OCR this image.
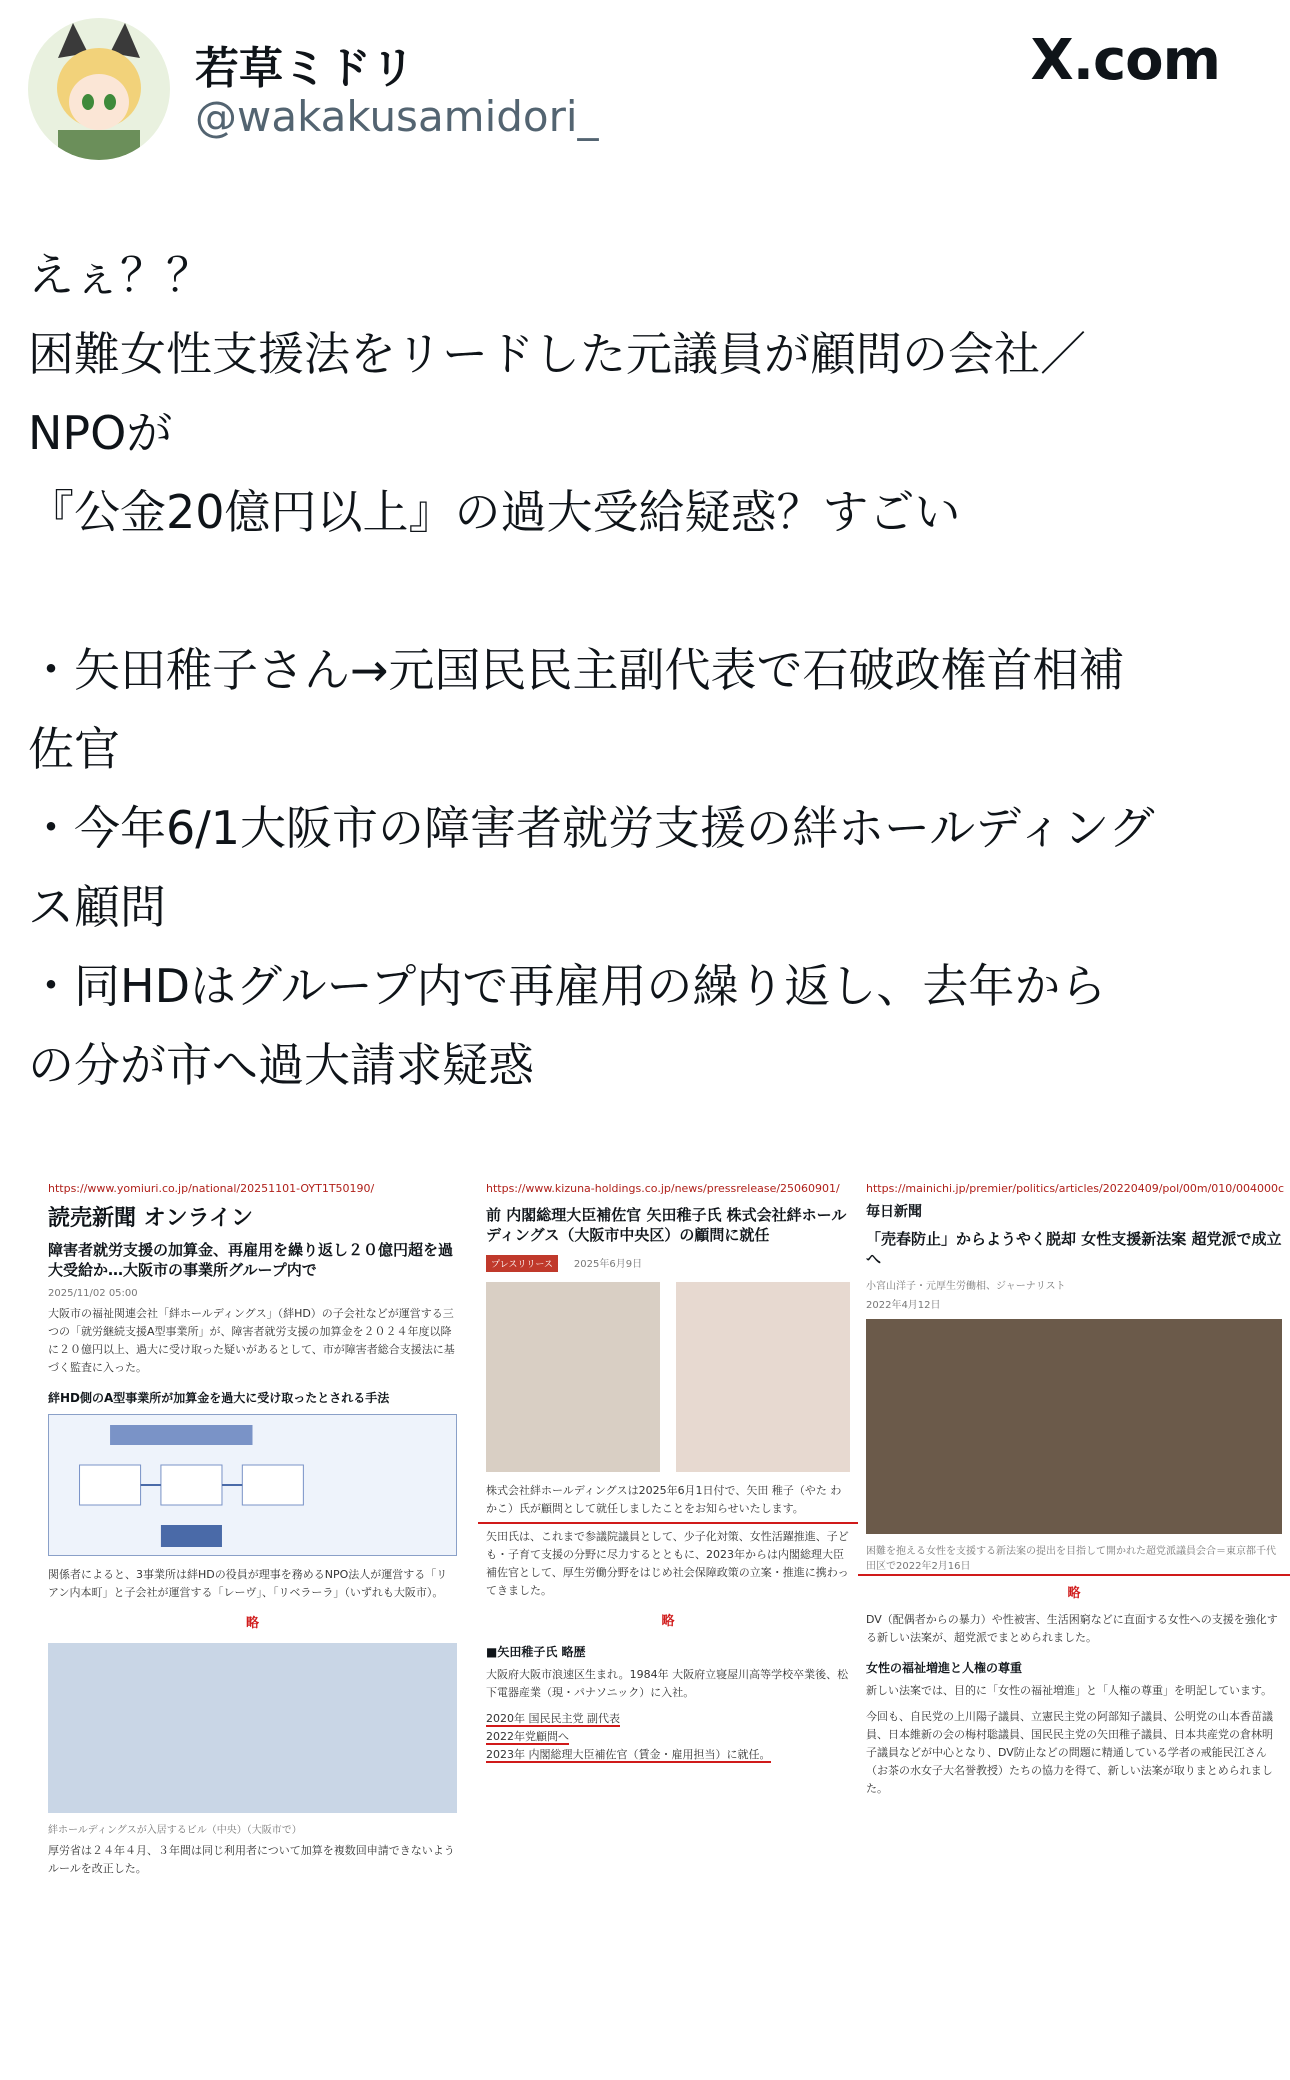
若草ミドリ
@wakakusamidori_
X.com
えぇ？？
困難女性支援法をリードした元議員が顧問の会社／
NPOが
『公金20億円以上』の過大受給疑惑？すごい
・矢田稚子さん→元国民民主副代表で石破政権首相補
佐官
・今年6/1大阪市の障害者就労支援の絆ホールディング
ス顧問
・同HDはグループ内で再雇用の繰り返し、去年から
の分が市へ過大請求疑惑
https://www.yomiuri.co.jp/national/20251101-OYT1T50190/
読売新聞 オンライン
障害者就労支援の加算金、再雇用を繰り返し２０億円超を過大受給か…大阪市の事業所グループ内で
2025/11/02 05:00
大阪市の福祉関連会社「絆ホールディングス」（絆HD）の子会社などが運営する三つの「就労継続支援A型事業所」が、障害者就労支援の加算金を２０２４年度以降に２０億円以上、過大に受け取った疑いがあるとして、市が障害者総合支援法に基づく監査に入った。
絆HD側のA型事業所が加算金を過大に受け取ったとされる手法
関係者によると、3事業所は絆HDの役員が理事を務めるNPO法人が運営する「リアン内本町」と子会社が運営する「レーヴ」、「リベラーラ」（いずれも大阪市）。
略
絆ホールディングスが入居するビル（中央）（大阪市で）
厚労省は２４年４月、３年間は同じ利用者について加算を複数回申請できないようルールを改正した。
https://www.kizuna-holdings.co.jp/news/pressrelease/25060901/
前 内閣総理大臣補佐官 矢田稚子氏 株式会社絆ホールディングス（大阪市中央区）の顧問に就任
プレスリリース 2025年6月9日
株式会社絆ホールディングスは2025年6月1日付で、矢田 稚子（やた わかこ）氏が顧問として就任しましたことをお知らせいたします。
矢田氏は、これまで参議院議員として、少子化対策、女性活躍推進、子ども・子育て支援の分野に尽力するとともに、2023年からは内閣総理大臣補佐官として、厚生労働分野をはじめ社会保障政策の立案・推進に携わってきました。
略
■矢田稚子氏 略歴
大阪府大阪市浪速区生まれ。1984年 大阪府立寝屋川高等学校卒業後、松下電器産業（現・パナソニック）に入社。
2020年 国民民主党 副代表
2022年党顧問へ
2023年 内閣総理大臣補佐官（賃金・雇用担当）に就任。
https://mainichi.jp/premier/politics/articles/20220409/pol/00m/010/004000c
毎日新聞
「売春防止」からようやく脱却 女性支援新法案 超党派で成立へ
小宮山洋子・元厚生労働相、ジャーナリスト
2022年4月12日
困難を抱える女性を支援する新法案の提出を目指して開かれた超党派議員会合＝東京都千代田区で2022年2月16日
略
DV（配偶者からの暴力）や性被害、生活困窮などに直面する女性への支援を強化する新しい法案が、超党派でまとめられました。
女性の福祉増進と人権の尊重
新しい法案では、目的に「女性の福祉増進」と「人権の尊重」を明記しています。
今回も、自民党の上川陽子議員、立憲民主党の阿部知子議員、公明党の山本香苗議員、日本維新の会の梅村聡議員、国民民主党の矢田稚子議員、日本共産党の倉林明子議員などが中心となり、DV防止などの問題に精通している学者の戒能民江さん（お茶の水女子大名誉教授）たちの協力を得て、新しい法案が取りまとめられました。
